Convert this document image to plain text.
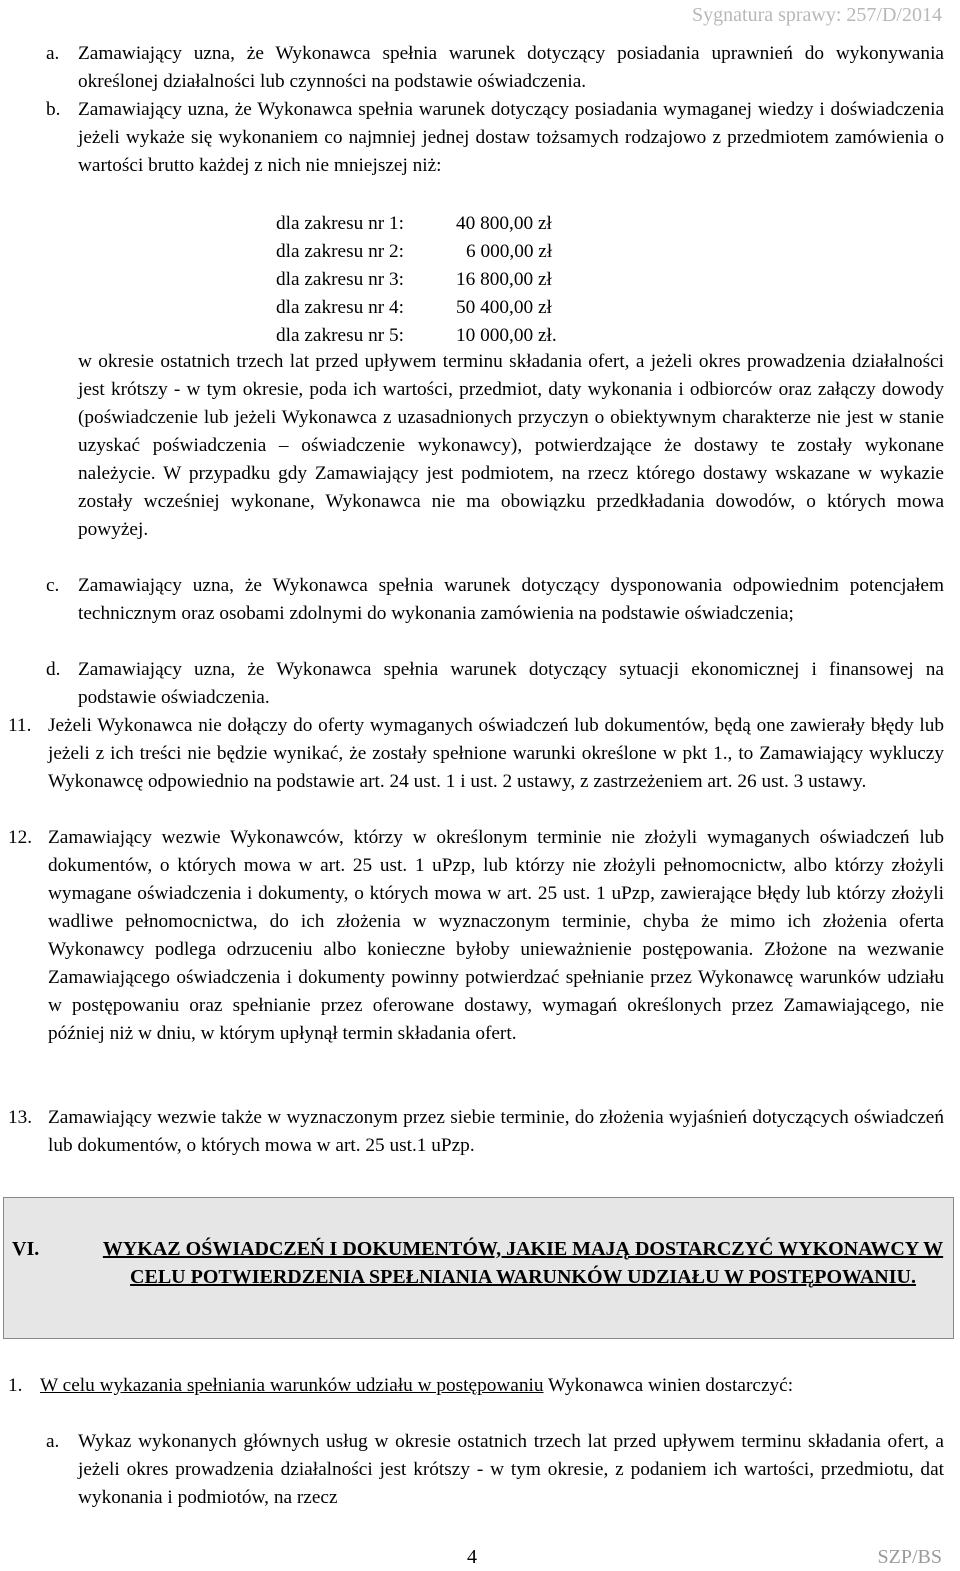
Sygnatura sprawy: 257/D/2014
a. Zamawiający uzna, że Wykonawca spełnia warunek dotyczący posiadania uprawnień do wykonywania określonej działalności lub czynności na podstawie oświadczenia.
b. Zamawiający uzna, że Wykonawca spełnia warunek dotyczący posiadania wymaganej wiedzy i doświadczenia jeżeli wykaże się wykonaniem co najmniej jednej dostaw tożsamych rodzajowo z przedmiotem zamówienia o wartości brutto każdej z nich nie mniejszej niż:
dla zakresu nr 1:	40 800,00 zł
dla zakresu nr 2:	6 000,00 zł
dla zakresu nr 3:	16 800,00 zł
dla zakresu nr 4:	50 400,00 zł
dla zakresu nr 5:	10 000,00 zł.
w okresie ostatnich trzech lat przed upływem terminu składania ofert, a jeżeli okres prowadzenia działalności jest krótszy - w tym okresie, poda ich wartości, przedmiot, daty wykonania i odbiorców oraz załączy dowody (poświadczenie lub jeżeli Wykonawca z uzasadnionych przyczyn o obiektywnym charakterze nie jest w stanie uzyskać poświadczenia – oświadczenie wykonawcy), potwierdzające że dostawy te zostały wykonane należycie. W przypadku gdy Zamawiający jest podmiotem, na rzecz którego dostawy wskazane w wykazie zostały wcześniej wykonane, Wykonawca nie ma obowiązku przedkładania dowodów, o których mowa powyżej.
c. Zamawiający uzna, że Wykonawca spełnia warunek dotyczący dysponowania odpowiednim potencjałem technicznym oraz osobami zdolnymi do wykonania zamówienia na podstawie oświadczenia;
d. Zamawiający uzna, że Wykonawca spełnia warunek dotyczący sytuacji ekonomicznej i finansowej na podstawie oświadczenia.
11. Jeżeli Wykonawca nie dołączy do oferty wymaganych oświadczeń lub dokumentów, będą one zawierały błędy lub jeżeli z ich treści nie będzie wynikać, że zostały spełnione warunki określone w pkt 1., to Zamawiający wykluczy Wykonawcę odpowiednio na podstawie art. 24 ust. 1 i ust. 2 ustawy, z zastrzeżeniem art. 26 ust. 3 ustawy.
12. Zamawiający wezwie Wykonawców, którzy w określonym terminie nie złożyli wymaganych oświadczeń lub dokumentów, o których mowa w art. 25 ust. 1 uPzp, lub którzy nie złożyli pełnomocnictw, albo którzy złożyli wymagane oświadczenia i dokumenty, o których mowa w art. 25 ust. 1 uPzp, zawierające błędy lub którzy złożyli wadliwe pełnomocnictwa, do ich złożenia w wyznaczonym terminie, chyba że mimo ich złożenia oferta Wykonawcy podlega odrzuceniu albo konieczne byłoby unieważnienie postępowania. Złożone na wezwanie Zamawiającego oświadczenia i dokumenty powinny potwierdzać spełnianie przez Wykonawcę warunków udziału w postępowaniu oraz spełnianie przez oferowane dostawy, wymagań określonych przez Zamawiającego, nie później niż w dniu, w którym upłynął termin składania ofert.
13. Zamawiający wezwie także w wyznaczonym przez siebie terminie, do złożenia wyjaśnień dotyczących oświadczeń lub dokumentów, o których mowa w art. 25 ust.1 uPzp.
VI.	WYKAZ OŚWIADCZEŃ I DOKUMENTÓW, JAKIE MAJĄ DOSTARCZYĆ WYKONAWCY W CELU POTWIERDZENIA SPEŁNIANIA WARUNKÓW UDZIAŁU W POSTĘPOWANIU.
1. W celu wykazania spełniania warunków udziału w postępowaniu Wykonawca winien dostarczyć:
a. Wykaz wykonanych głównych usług w okresie ostatnich trzech lat przed upływem terminu składania ofert, a jeżeli okres prowadzenia działalności jest krótszy - w tym okresie, z podaniem ich wartości, przedmiotu, dat wykonania i podmiotów, na rzecz
4	SZP/BS
